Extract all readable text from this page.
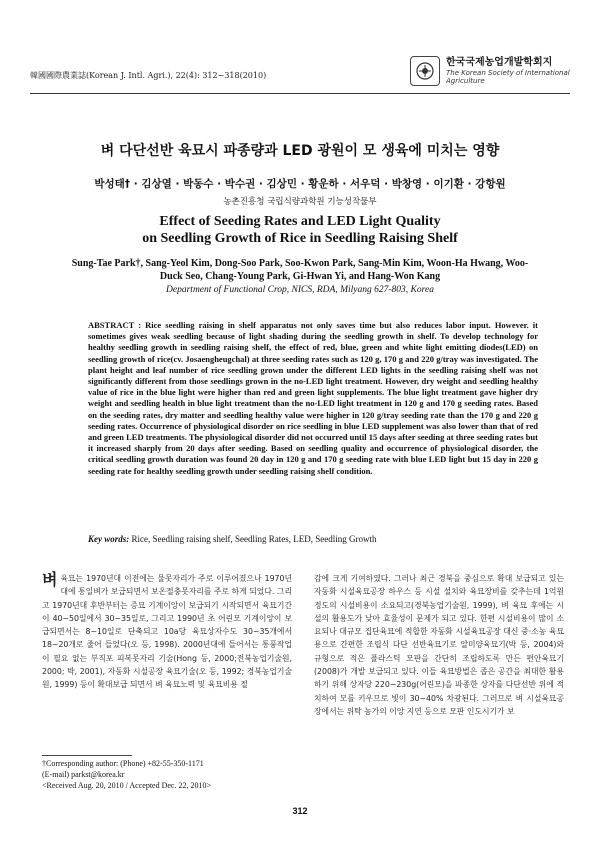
韓國國際農業誌(Korean J. Intl. Agri.), 22(4): 312~318(2010)
한국국제농업개발학회지
The Korean Society of International
Agriculture
벼 다단선반 육묘시 파종량과 LED 광원이 모 생육에 미치는 영향
박성태† · 김상열 · 박동수 · 박수권 · 김상민 · 황운하 · 서우덕 · 박창영 · 이기환 · 강항원
농촌진흥청 국립식량과학원 기능성작물부
Effect of Seeding Rates and LED Light Quality
on Seedling Growth of Rice in Seedling Raising Shelf
Sung-Tae Park†, Sang-Yeol Kim, Dong-Soo Park, Soo-Kwon Park, Sang-Min Kim, Woon-Ha Hwang, Woo-Duck Seo, Chang-Young Park, Gi-Hwan Yi, and Hang-Won Kang
Department of Functional Crop, NICS, RDA, Milyang 627-803, Korea
ABSTRACT : Rice seedling raising in shelf apparatus not only saves time but also reduces labor input. However. it sometimes gives weak seedling because of light shading during the seedling growth in shelf. To develop technology for healthy seedling growth in seedling raising shelf, the effect of red, blue, green and white light emitting diodes(LED) on seedling growth of rice(cv. Josaengheugchal) at three seeding rates such as 120 g, 170 g and 220 g/tray was investigated. The plant height and leaf number of rice seedling grown under the different LED lights in the seedling raising shelf was not significantly different from those seedlings grown in the no-LED light treatment. However, dry weight and seedling healthy value of rice in the blue light were higher than red and green light supplements. The blue light treatment gave higher dry weight and seedling health in blue light treatment than the no-LED light treatment in 120 g and 170 g seeding rates. Based on the seeding rates, dry matter and seedling healthy value were higher in 120 g/tray seeding rate than the 170 g and 220 g seeding rates. Occurrence of physiological disorder on rice seedling in blue LED supplement was also lower than that of red and green LED treatments. The physiological disorder did not occurred until 15 days after seeding at three seeding rates but it increased sharply from 20 days after seeding. Based on seedling quality and occurrence of physiological disorder, the critical seedling growth duration was found 20 day in 120 g and 170 g seeding rate with blue LED light but 15 day in 220 g seeding rate for healthy seedling growth under seedling raising shelf condition.
Key words: Rice, Seedling raising shelf, Seedling Rates, LED, Seedling Growth
벼 육묘는 1970년대 이전에는 물못자리가 주로 이루어졌으나 1970년대에 통일벼가 보급되면서 보온절충못자리를 주로 하게 되었다. 그리고 1970년대 후반부터는 증묘 기계이앙이 보급되기 시작되면서 육묘기간이 40~50일에서 30~35일로, 그리고 1990년 초 어린모 기계이앙이 보급되면서는 8~10일로 단축되고 10a당 육묘상자수도 30~35개에서 18~20개로 줄어 들었다(오 등, 1998). 2000년대에 들어서는 통풍작업이 필요 없는 부직포 피복못자리 기술(Hong 등, 2000;전북농업기술원, 2000; 박, 2001), 자동화 시설공장 육묘기술(오 등, 1992; 경북농업기술원, 1999) 등이 확대보급 되면서 벼 육묘노력 및 육묘비용 절
감에 크게 기여하였다. 그러나 최근 경북을 중심으로 확대 보급되고 있는 자동화 시설육묘공장 하우스 등 시설 설치와 육묘장비를 갖추는데 1억원 정도의 시설비용이 소요되고(경북농업기술원, 1999), 벼 육묘 후에는 시설의 활용도가 낮아 효율성이 문제가 되고 있다. 한편 시설비용이 많이 소요되나 대규모 집단육묘에 적합한 자동화 시설육묘공장 대신 중·소농 육묘용으로 간편한 조립식 다단 선반육묘기로 알미양육묘기(박 등, 2004)와 규형으로 적은 플라스틱 모판을 간단히 조립하도록 만든 편안육묘기(2008)가 개발 보급되고 있다. 이들 육묘방법은 좁은 공간을 최대한 활용하기 위해 상자당 220~230g(어린모)을 파종한 상자를 다단선반 위에 적치하여 모를 키우므로 빛이 30~40% 차광된다. 그러므로 벼 시설육묘공장에서는 위탁 농가의 이앙 지연 등으로 모판 인도시기가 보
†Corresponding author: (Phone) +82-55-350-1171
(E-mail) parkst@korea.kr
<Received Aug. 20, 2010 / Accepted Dec. 22, 2010>
312
